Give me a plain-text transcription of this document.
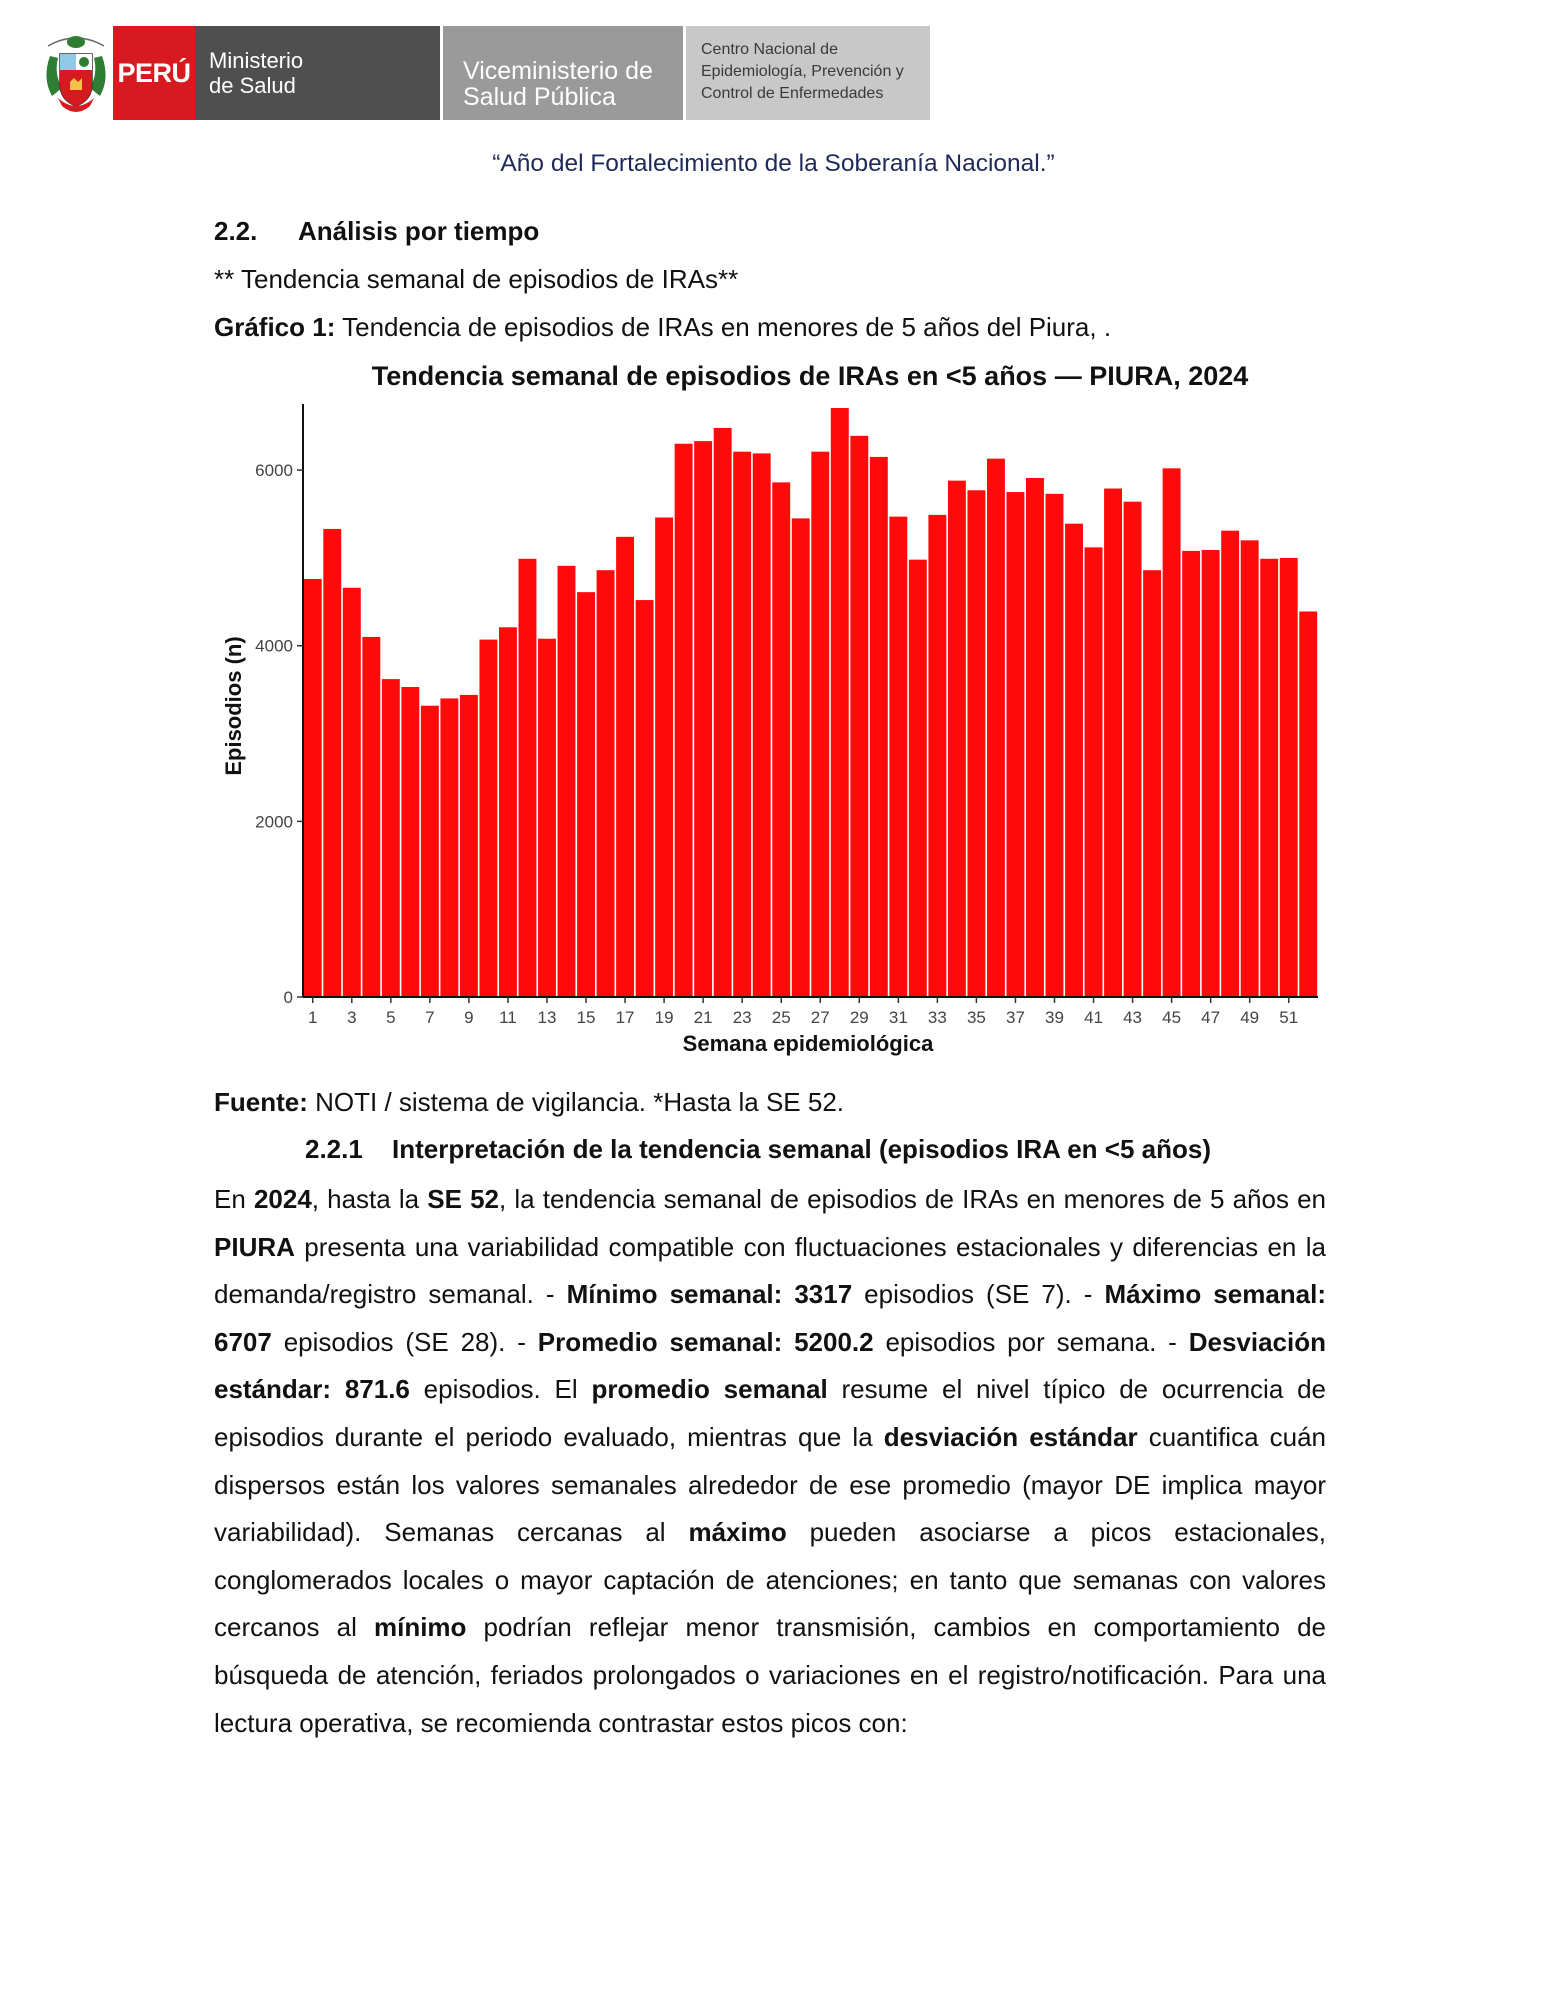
PERÚ Ministerio de Salud
Viceministerio de Salud Pública
Centro Nacional de Epidemiología, Prevención y Control de Enfermedades
“Año del Fortalecimiento de la Soberanía Nacional.”
2.2. Análisis por tiempo
** Tendencia semanal de episodios de IRAs**
Gráfico 1: Tendencia de episodios de IRAs en menores de 5 años del Piura, .
Tendencia semanal de episodios de IRAs en <5 años — PIURA, 2024
0
2000
4000
6000
1 3 5 7 9 11 13 15 17 19 21 23 25 27 29 31 33 35 37 39 41 43 45 47 49 51
Semana epidemiológica
Episodios (n)
Fuente: NOTI / sistema de vigilancia. *Hasta la SE 52.
2.2.1 Interpretación de la tendencia semanal (episodios IRA en <5 años)
En 2024, hasta la SE 52, la tendencia semanal de episodios de IRAs en menores de 5 años en PIURA presenta una variabilidad compatible con fluctuaciones estacionales y diferencias en la demanda/registro semanal. - Mínimo semanal: 3317 episodios (SE 7). - Máximo semanal: 6707 episodios (SE 28). - Promedio semanal: 5200.2 episodios por semana. - Desviación estándar: 871.6 episodios. El promedio semanal resume el nivel típico de ocurrencia de episodios durante el periodo evaluado, mientras que la desviación estándar cuantifica cuán dispersos están los valores semanales alrededor de ese promedio (mayor DE implica mayor variabilidad). Semanas cercanas al máximo pueden asociarse a picos estacionales, conglomerados locales o mayor captación de atenciones; en tanto que semanas con valores cercanos al mínimo podrían reflejar menor transmisión, cambios en comportamiento de búsqueda de atención, feriados prolongados o variaciones en el registro/notificación. Para una lectura operativa, se recomienda contrastar estos picos con:
